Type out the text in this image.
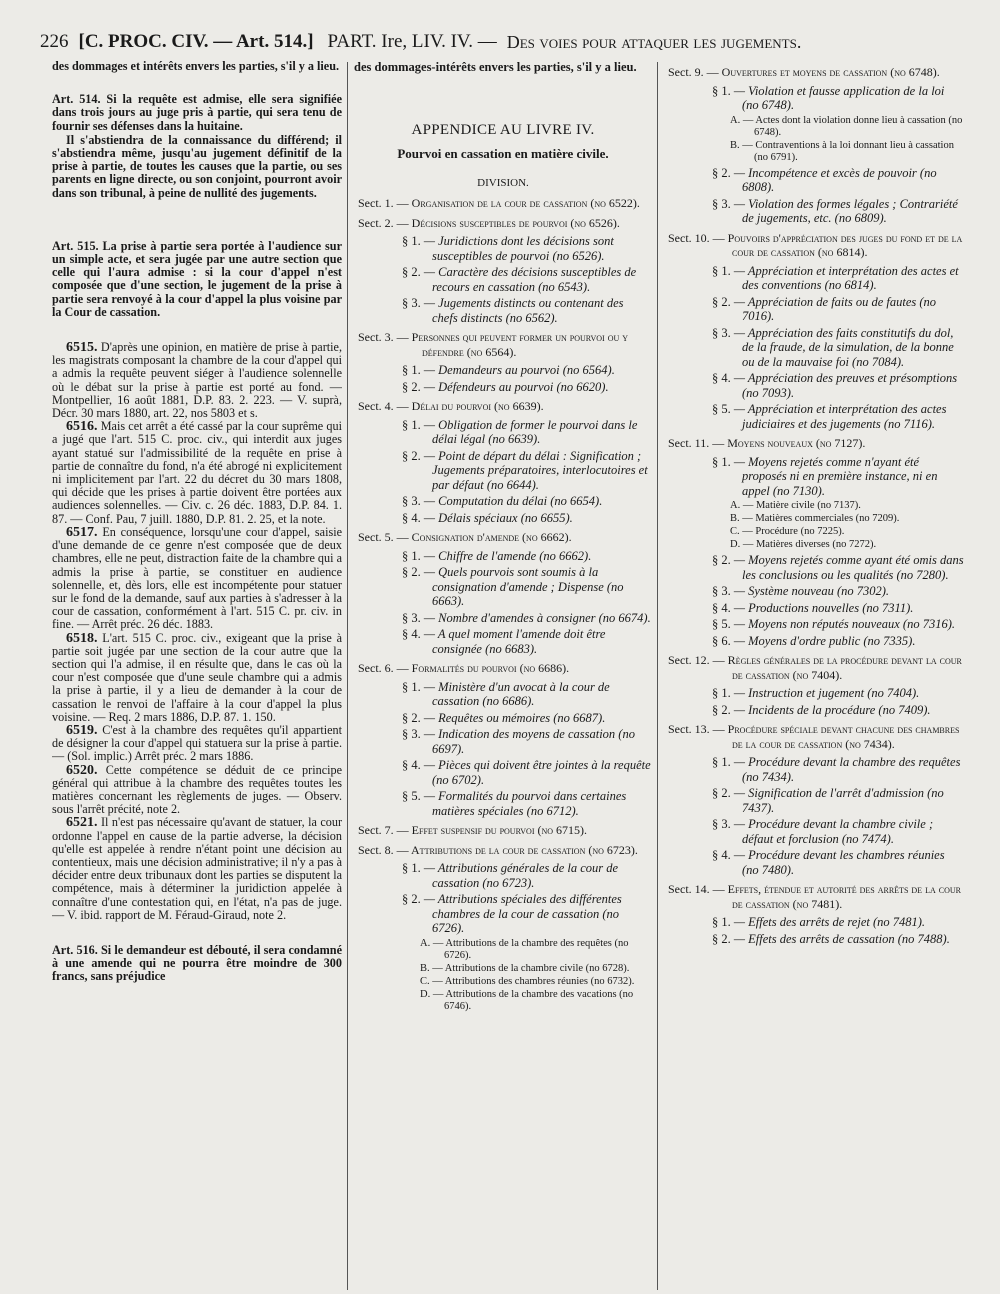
226 [C. PROC. CIV. — Art. 514.] PART. Ire, LIV. IV. — Des voies pour attaquer les jugements.

des dommages et intérêts envers les parties, s'il y a lieu.

Art. 514. Si la requête est admise, elle sera signifiée dans trois jours au juge pris à partie, qui sera tenu de fournir ses défenses dans la huitaine.

Il s'abstiendra de la connaissance du différend; il s'abstiendra même, jusqu'au jugement définitif de la prise à partie, de toutes les causes que la partie, ou ses parents en ligne directe, ou son conjoint, pourront avoir dans son tribunal, à peine de nullité des jugements.

Art. 515. La prise à partie sera portée à l'audience sur un simple acte, et sera jugée par une autre section que celle qui l'aura admise : si la cour d'appel n'est composée que d'une section, le jugement de la prise à partie sera renvoyé à la cour d'appel la plus voisine par la Cour de cassation.

6515. D'après une opinion, en matière de prise à partie, les magistrats composant la chambre de la cour d'appel qui a admis la requête peuvent siéger à l'audience solennelle où le débat sur la prise à partie est porté au fond. — Montpellier, 16 août 1881, D.P. 83. 2. 223. — V. suprà, Décr. 30 mars 1880, art. 22, nos 5803 et s.

6516. Mais cet arrêt a été cassé par la cour suprême qui a jugé que l'art. 515 C. proc. civ., qui interdit aux juges ayant statué sur l'admissibilité de la requête en prise à partie de connaître du fond, n'a été abrogé ni explicitement ni implicitement par l'art. 22 du décret du 30 mars 1808, qui décide que les prises à partie doivent être portées aux audiences solennelles. — Civ. c. 26 déc. 1883, D.P. 84. 1. 87. — Conf. Pau, 7 juill. 1880, D.P. 81. 2. 25, et la note.

6517. En conséquence, lorsqu'une cour d'appel, saisie d'une demande de ce genre n'est composée que de deux chambres, elle ne peut, distraction faite de la chambre qui a admis la prise à partie, se constituer en audience solennelle, et, dès lors, elle est incompétente pour statuer sur le fond de la demande, sauf aux parties à s'adresser à la cour de cassation, conformément à l'art. 515 C. pr. civ. in fine. — Arrêt préc. 26 déc. 1883.

6518. L'art. 515 C. proc. civ., exigeant que la prise à partie soit jugée par une section de la cour autre que la section qui l'a admise, il en résulte que, dans le cas où la cour n'est composée que d'une seule chambre qui a admis la prise à partie, il y a lieu de demander à la cour de cassation le renvoi de l'affaire à la cour d'appel la plus voisine. — Req. 2 mars 1886, D.P. 87. 1. 150.

6519. C'est à la chambre des requêtes qu'il appartient de désigner la cour d'appel qui statuera sur la prise à partie. — (Sol. implic.) Arrêt préc. 2 mars 1886.

6520. Cette compétence se déduit de ce principe général qui attribue à la chambre des requêtes toutes les matières concernant les règlements de juges. — Observ. sous l'arrêt précité, note 2.

6521. Il n'est pas nécessaire qu'avant de statuer, la cour ordonne l'appel en cause de la partie adverse, la décision qu'elle est appelée à rendre n'étant point une décision au contentieux, mais une décision administrative; il n'y a pas à décider entre deux tribunaux dont les parties se disputent la compétence, mais à déterminer la juridiction appelée à connaître d'une contestation qui, en l'état, n'a pas de juge. — V. ibid. rapport de M. Féraud-Giraud, note 2.

Art. 516. Si le demandeur est débouté, il sera condamné à une amende qui ne pourra être moindre de 300 francs, sans préjudice

des dommages-intérêts envers les parties, s'il y a lieu.
APPENDICE AU LIVRE IV.
Pourvoi en cassation en matière civile.
DIVISION.
Sect. 1. — Organisation de la cour de cassation (no 6522).
Sect. 2. — Décisions susceptibles de pourvoi (no 6526).
§ 1. — Juridictions dont les décisions sont susceptibles de pourvoi (no 6526).
§ 2. — Caractère des décisions susceptibles de recours en cassation (no 6543).
§ 3. — Jugements distincts ou contenant des chefs distincts (no 6562).
Sect. 3. — Personnes qui peuvent former un pourvoi ou y défendre (no 6564).
§ 1. — Demandeurs au pourvoi (no 6564).
§ 2. — Défendeurs au pourvoi (no 6620).
Sect. 4. — Délai du pourvoi (no 6639).
§ 1. — Obligation de former le pourvoi dans le délai légal (no 6639).
§ 2. — Point de départ du délai : Signification ; Jugements préparatoires, interlocutoires et par défaut (no 6644).
§ 3. — Computation du délai (no 6654).
§ 4. — Délais spéciaux (no 6655).
Sect. 5. — Consignation d'amende (no 6662).
§ 1. — Chiffre de l'amende (no 6662).
§ 2. — Quels pourvois sont soumis à la consignation d'amende ; Dispense (no 6663).
§ 3. — Nombre d'amendes à consigner (no 6674).
§ 4. — A quel moment l'amende doit être consignée (no 6683).
Sect. 6. — Formalités du pourvoi (no 6686).
§ 1. — Ministère d'un avocat à la cour de cassation (no 6686).
§ 2. — Requêtes ou mémoires (no 6687).
§ 3. — Indication des moyens de cassation (no 6697).
§ 4. — Pièces qui doivent être jointes à la requête (no 6702).
§ 5. — Formalités du pourvoi dans certaines matières spéciales (no 6712).
Sect. 7. — Effet suspensif du pourvoi (no 6715).
Sect. 8. — Attributions de la cour de cassation (no 6723).
§ 1. — Attributions générales de la cour de cassation (no 6723).
§ 2. — Attributions spéciales des différentes chambres de la cour de cassation (no 6726).
A. — Attributions de la chambre des requêtes (no 6726).
B. — Attributions de la chambre civile (no 6728).
C. — Attributions des chambres réunies (no 6732).
D. — Attributions de la chambre des vacations (no 6746).
Sect. 9. — Ouvertures et moyens de cassation (no 6748).
§ 1. — Violation et fausse application de la loi (no 6748).
A. — Actes dont la violation donne lieu à cassation (no 6748).
B. — Contraventions à la loi donnant lieu à cassation (no 6791).
§ 2. — Incompétence et excès de pouvoir (no 6808).
§ 3. — Violation des formes légales ; Contrariété de jugements, etc. (no 6809).
Sect. 10. — Pouvoirs d'appréciation des juges du fond et de la cour de cassation (no 6814).
§ 1. — Appréciation et interprétation des actes et des conventions (no 6814).
§ 2. — Appréciation de faits ou de fautes (no 7016).
§ 3. — Appréciation des faits constitutifs du dol, de la fraude, de la simulation, de la bonne ou de la mauvaise foi (no 7084).
§ 4. — Appréciation des preuves et présomptions (no 7093).
§ 5. — Appréciation et interprétation des actes judiciaires et des jugements (no 7116).
Sect. 11. — Moyens nouveaux (no 7127).
§ 1. — Moyens rejetés comme n'ayant été proposés ni en première instance, ni en appel (no 7130).
A. — Matière civile (no 7137).
B. — Matières commerciales (no 7209).
C. — Procédure (no 7225).
D. — Matières diverses (no 7272).
§ 2. — Moyens rejetés comme ayant été omis dans les conclusions ou les qualités (no 7280).
§ 3. — Système nouveau (no 7302).
§ 4. — Productions nouvelles (no 7311).
§ 5. — Moyens non réputés nouveaux (no 7316).
§ 6. — Moyens d'ordre public (no 7335).
Sect. 12. — Règles générales de la procédure devant la cour de cassation (no 7404).
§ 1. — Instruction et jugement (no 7404).
§ 2. — Incidents de la procédure (no 7409).
Sect. 13. — Procédure spéciale devant chacune des chambres de la cour de cassation (no 7434).
§ 1. — Procédure devant la chambre des requêtes (no 7434).
§ 2. — Signification de l'arrêt d'admission (no 7437).
§ 3. — Procédure devant la chambre civile ; défaut et forclusion (no 7474).
§ 4. — Procédure devant les chambres réunies (no 7480).
Sect. 14. — Effets, étendue et autorité des arrêts de la cour de cassation (no 7481).
§ 1. — Effets des arrêts de rejet (no 7481).
§ 2. — Effets des arrêts de cassation (no 7488).
